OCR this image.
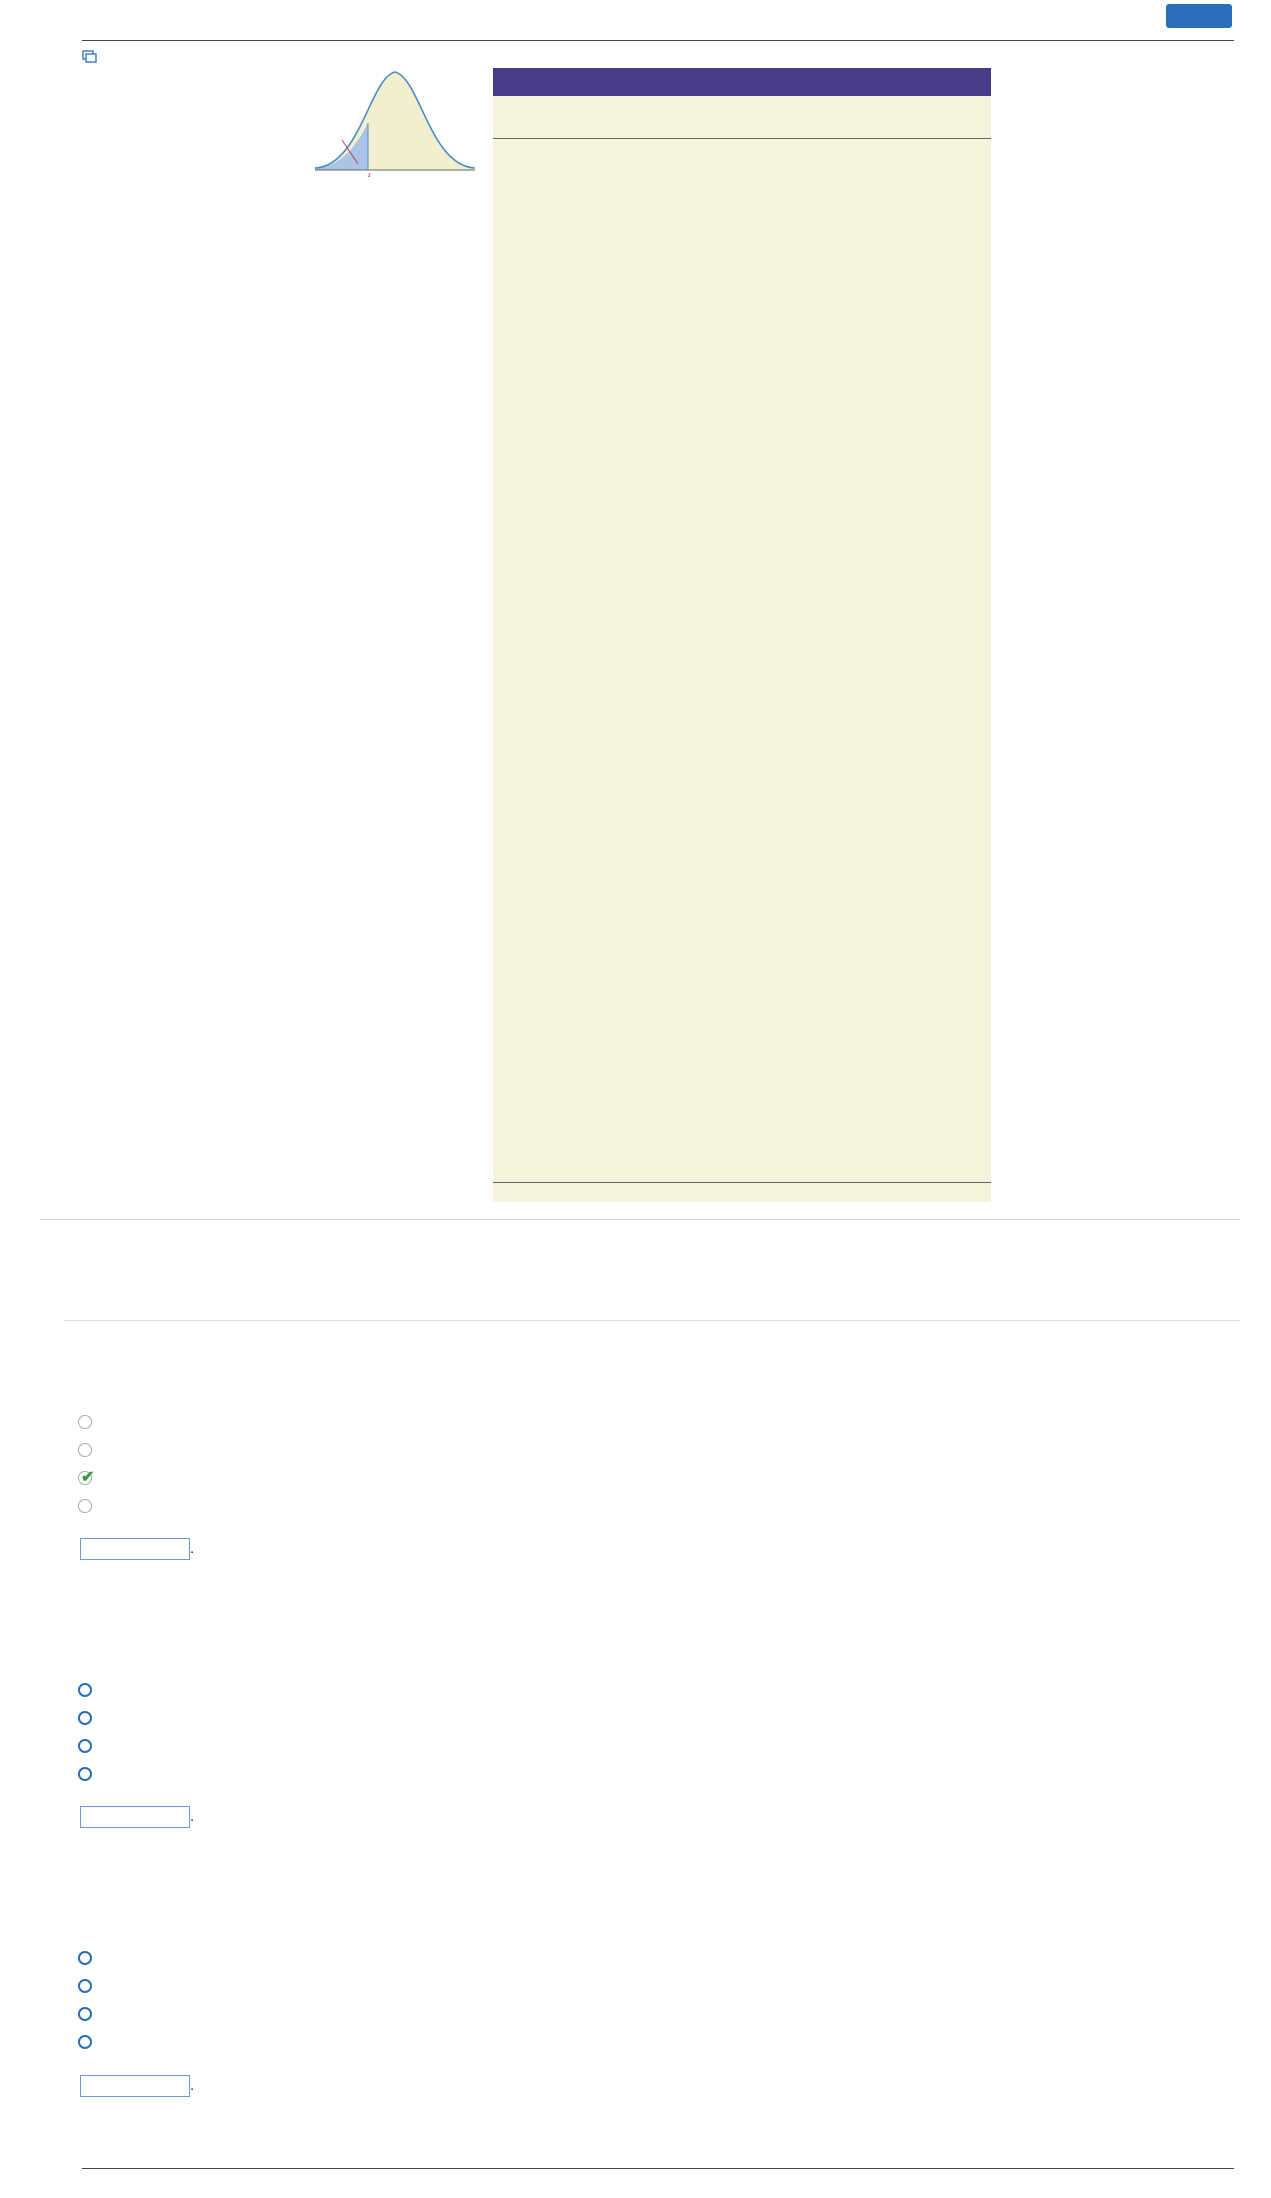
z
✔
.
.
.
